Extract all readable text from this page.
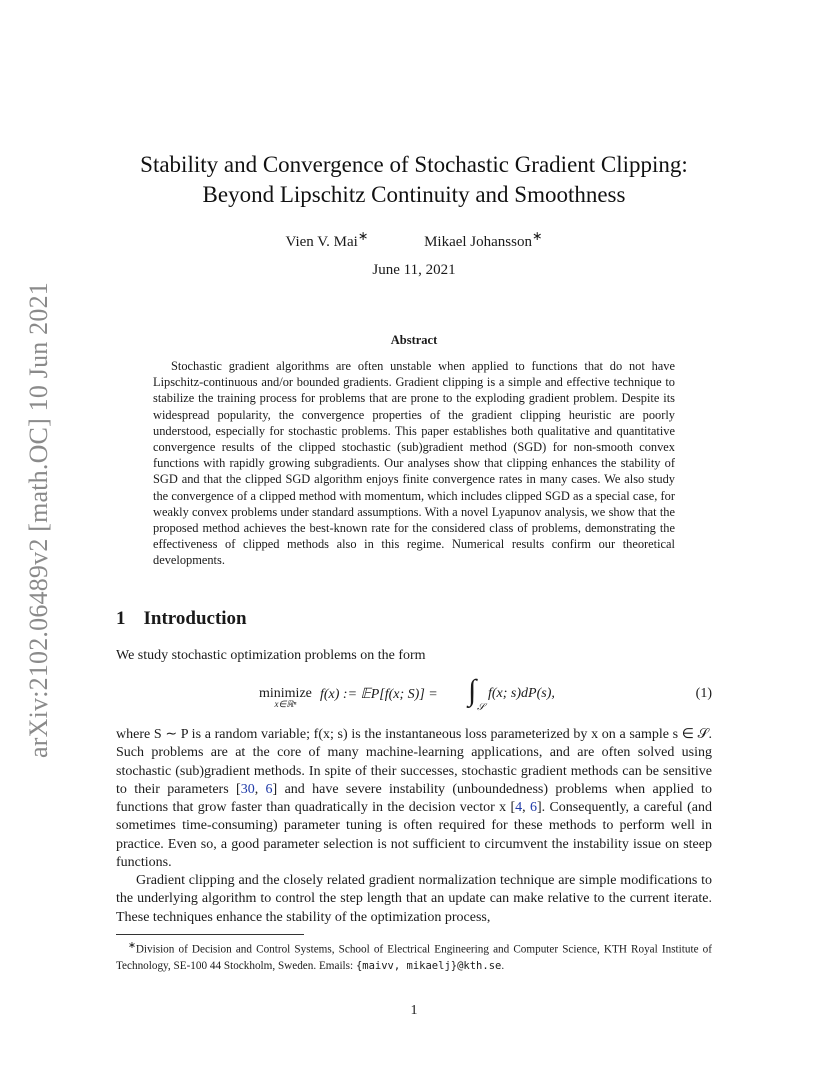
arXiv:2102.06489v2 [math.OC] 10 Jun 2021
Stability and Convergence of Stochastic Gradient Clipping:
Beyond Lipschitz Continuity and Smoothness
Vien V. Mai∗	Mikael Johansson∗
June 11, 2021
Abstract

Stochastic gradient algorithms are often unstable when applied to functions that do not have Lipschitz-continuous and/or bounded gradients. Gradient clipping is a simple and effective technique to stabilize the training process for problems that are prone to the exploding gradient problem. Despite its widespread popularity, the convergence properties of the gradient clipping heuristic are poorly understood, especially for stochastic problems. This paper establishes both qualitative and quantitative convergence results of the clipped stochastic (sub)gradient method (SGD) for non-smooth convex functions with rapidly growing subgradients. Our analyses show that clipping enhances the stability of SGD and that the clipped SGD algorithm enjoys finite convergence rates in many cases. We also study the convergence of a clipped method with momentum, which includes clipped SGD as a special case, for weakly convex problems under standard assumptions. With a novel Lyapunov analysis, we show that the proposed method achieves the best-known rate for the considered class of problems, demonstrating the effectiveness of clipped methods also in this regime. Numerical results confirm our theoretical developments.

1 Introduction

We study stochastic optimization problems on the form

minimize
x∈ℝⁿ
f(x) := 𝔼P[f(x; S)] = ∫
𝒮
f(x; s)dP(s),	(1)

where S ∼ P is a random variable; f(x; s) is the instantaneous loss parameterized by x on a sample s ∈ 𝒮. Such problems are at the core of many machine-learning applications, and are often solved using stochastic (sub)gradient methods. In spite of their successes, stochastic gradient methods can be sensitive to their parameters [30, 6] and have severe instability (unboundedness) problems when applied to functions that grow faster than quadratically in the decision vector x [4, 6]. Consequently, a careful (and sometimes time-consuming) parameter tuning is often required for these methods to perform well in practice. Even so, a good parameter selection is not sufficient to circumvent the instability issue on steep functions.

Gradient clipping and the closely related gradient normalization technique are simple modifications to the underlying algorithm to control the step length that an update can make relative to the current iterate. These techniques enhance the stability of the optimization process,

∗Division of Decision and Control Systems, School of Electrical Engineering and Computer Science, KTH Royal Institute of Technology, SE-100 44 Stockholm, Sweden. Emails: {maivv, mikaelj}@kth.se.

1
